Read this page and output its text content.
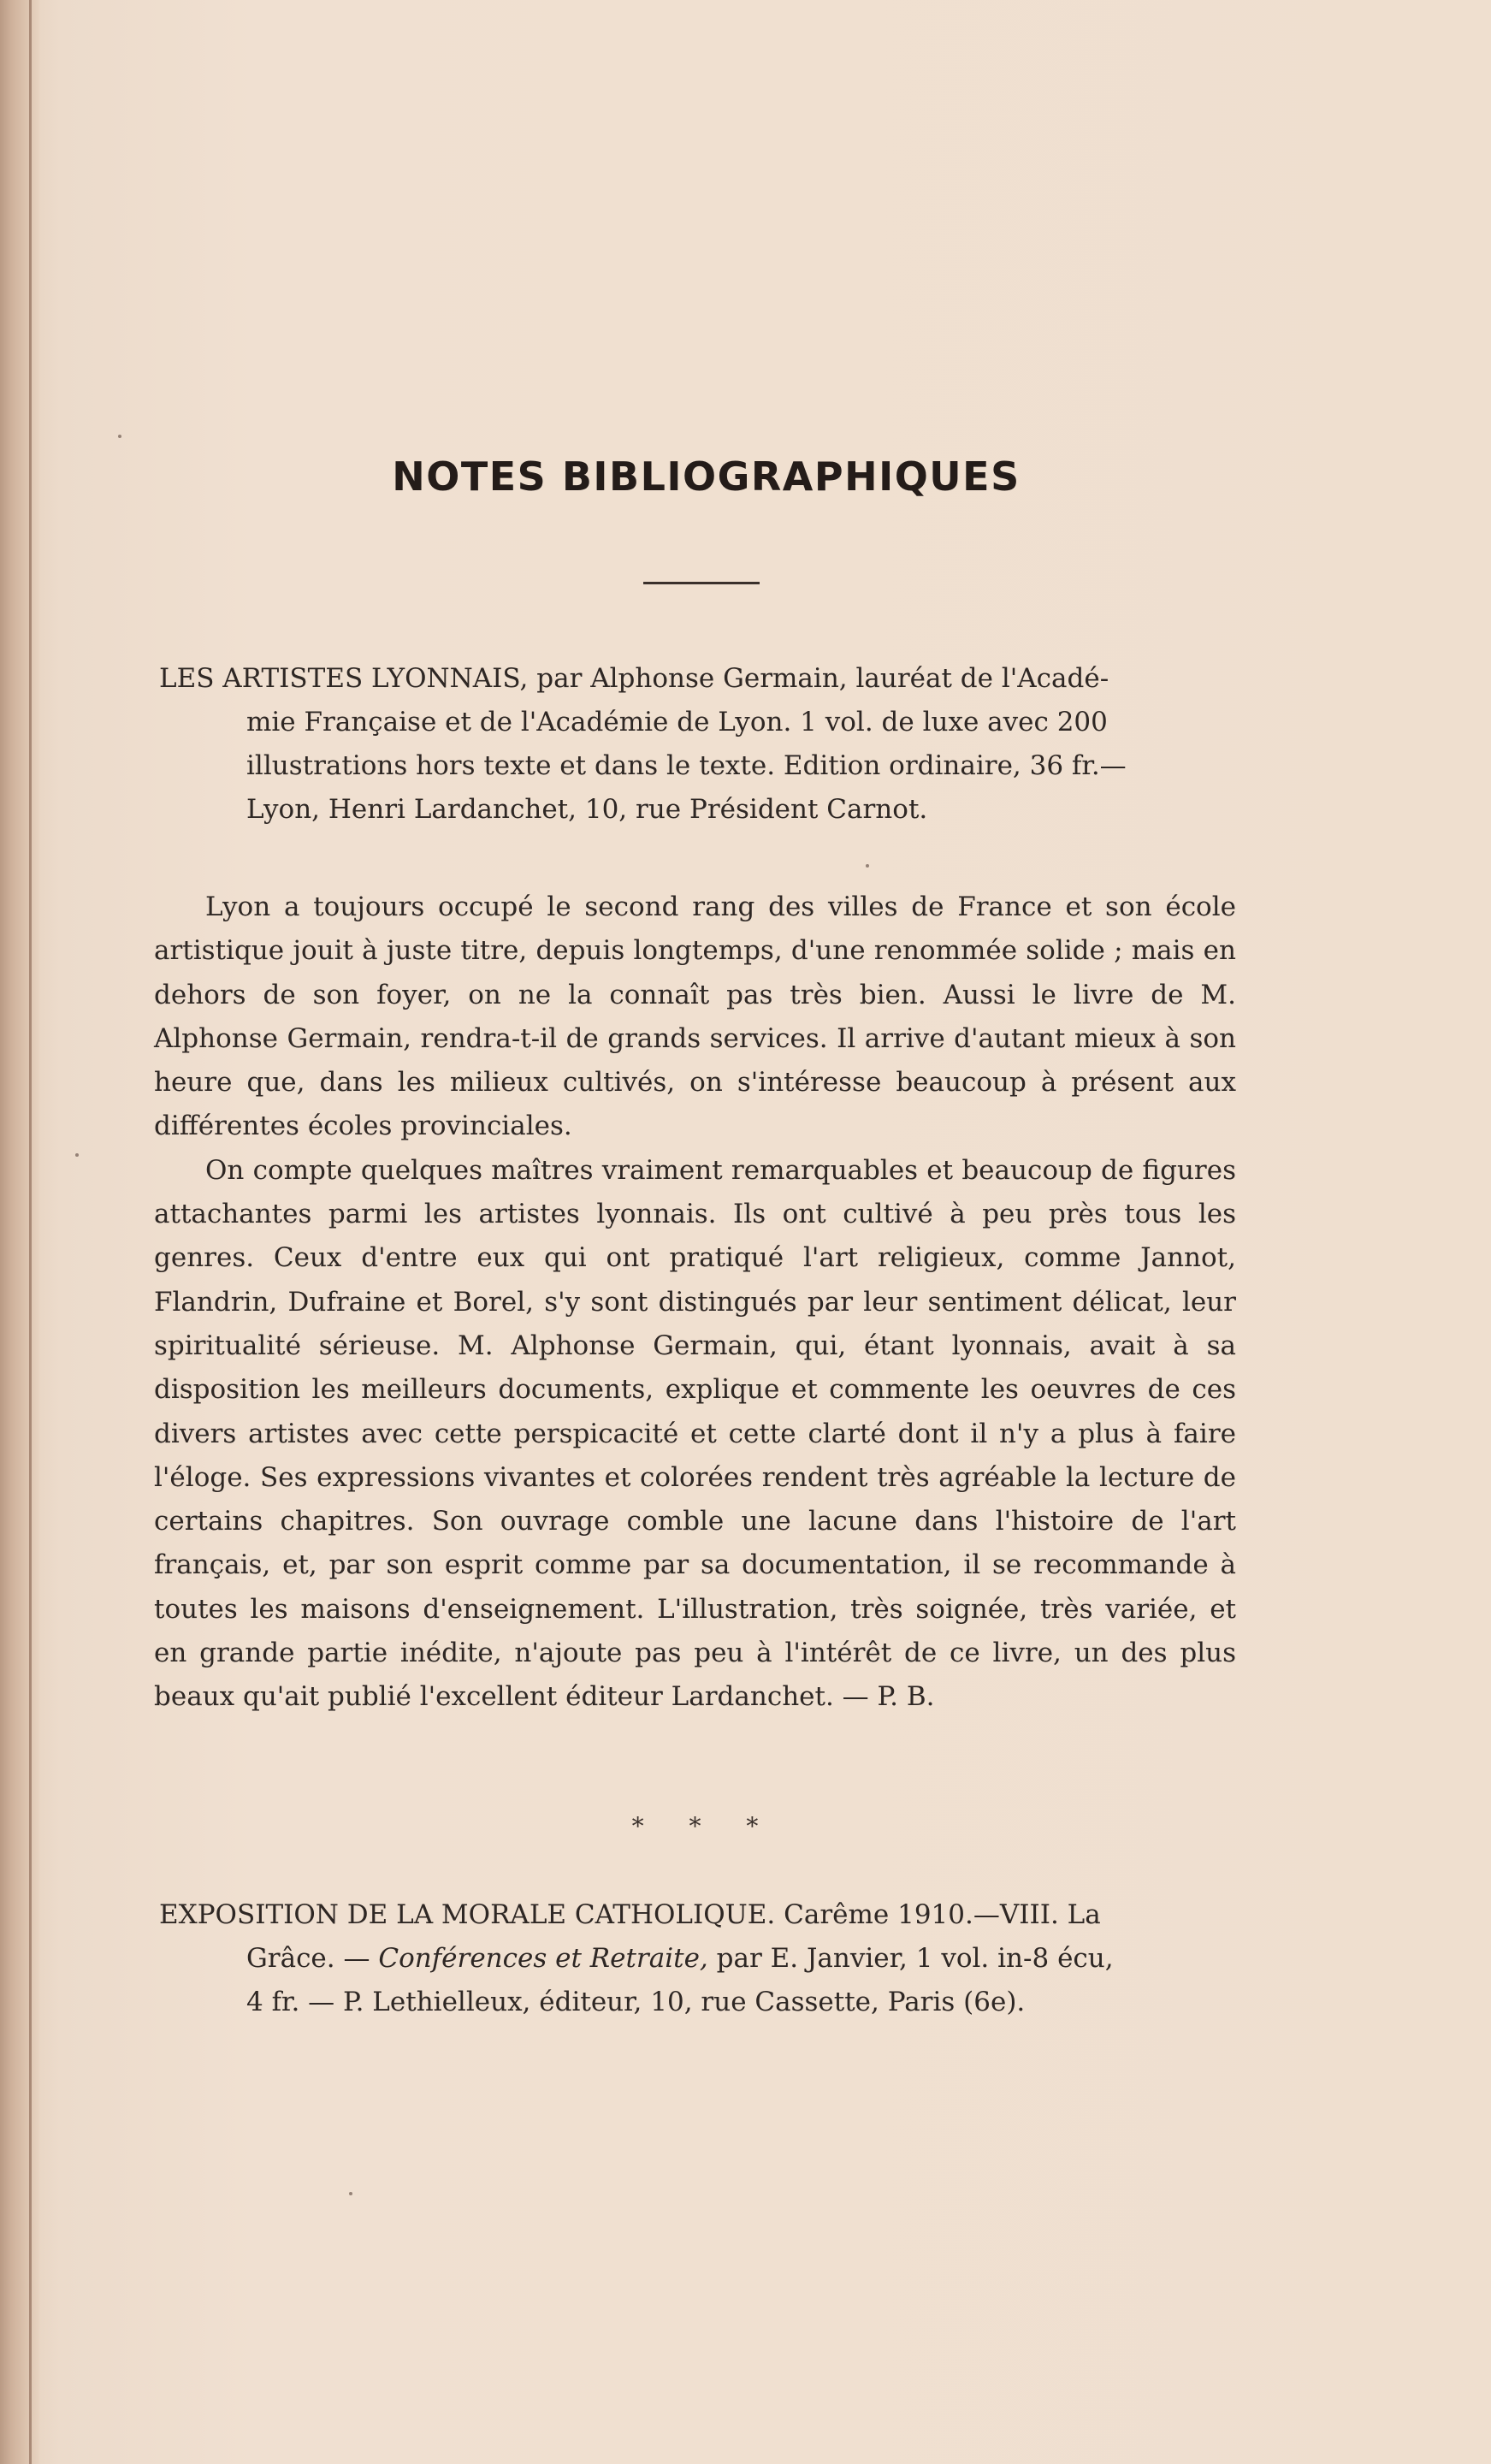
NOTES BIBLIOGRAPHIQUES
LES ARTISTES LYONNAIS, par Alphonse Germain, lauréat de l'Acadé-
mie Française et de l'Académie de Lyon. 1 vol. de luxe avec 200
illustrations hors texte et dans le texte. Edition ordinaire, 36 fr.—
Lyon, Henri Lardanchet, 10, rue Président Carnot.

Lyon a toujours occupé le second rang des villes de France et son école artistique jouit à juste titre, depuis longtemps, d'une renommée solide ; mais en dehors de son foyer, on ne la connaît pas très bien. Aussi le livre de M. Alphonse Germain, rendra-t-il de grands services. Il arrive d'autant mieux à son heure que, dans les milieux cultivés, on s'intéresse beaucoup à présent aux différentes écoles provinciales.

On compte quelques maîtres vraiment remarquables et beaucoup de figures attachantes parmi les artistes lyonnais. Ils ont cultivé à peu près tous les genres. Ceux d'entre eux qui ont pratiqué l'art religieux, comme Jannot, Flandrin, Dufraine et Borel, s'y sont distingués par leur sentiment délicat, leur spiritualité sérieuse. M. Alphonse Germain, qui, étant lyonnais, avait à sa disposition les meilleurs documents, explique et commente les oeuvres de ces divers artistes avec cette perspicacité et cette clarté dont il n'y a plus à faire l'éloge. Ses expressions vivantes et colorées rendent très agréable la lecture de certains chapitres. Son ouvrage comble une lacune dans l'histoire de l'art français, et, par son esprit comme par sa documentation, il se recommande à toutes les maisons d'enseignement. L'illustration, très soignée, très variée, et en grande partie inédite, n'ajoute pas peu à l'intérêt de ce livre, un des plus beaux qu'ait publié l'excellent éditeur Lardanchet. — P. B.

* * *
EXPOSITION DE LA MORALE CATHOLIQUE. Carême 1910.—VIII. La
Grâce. — Conférences et Retraite, par E. Janvier, 1 vol. in-8 écu,
4 fr. — P. Lethielleux, éditeur, 10, rue Cassette, Paris (6e).
